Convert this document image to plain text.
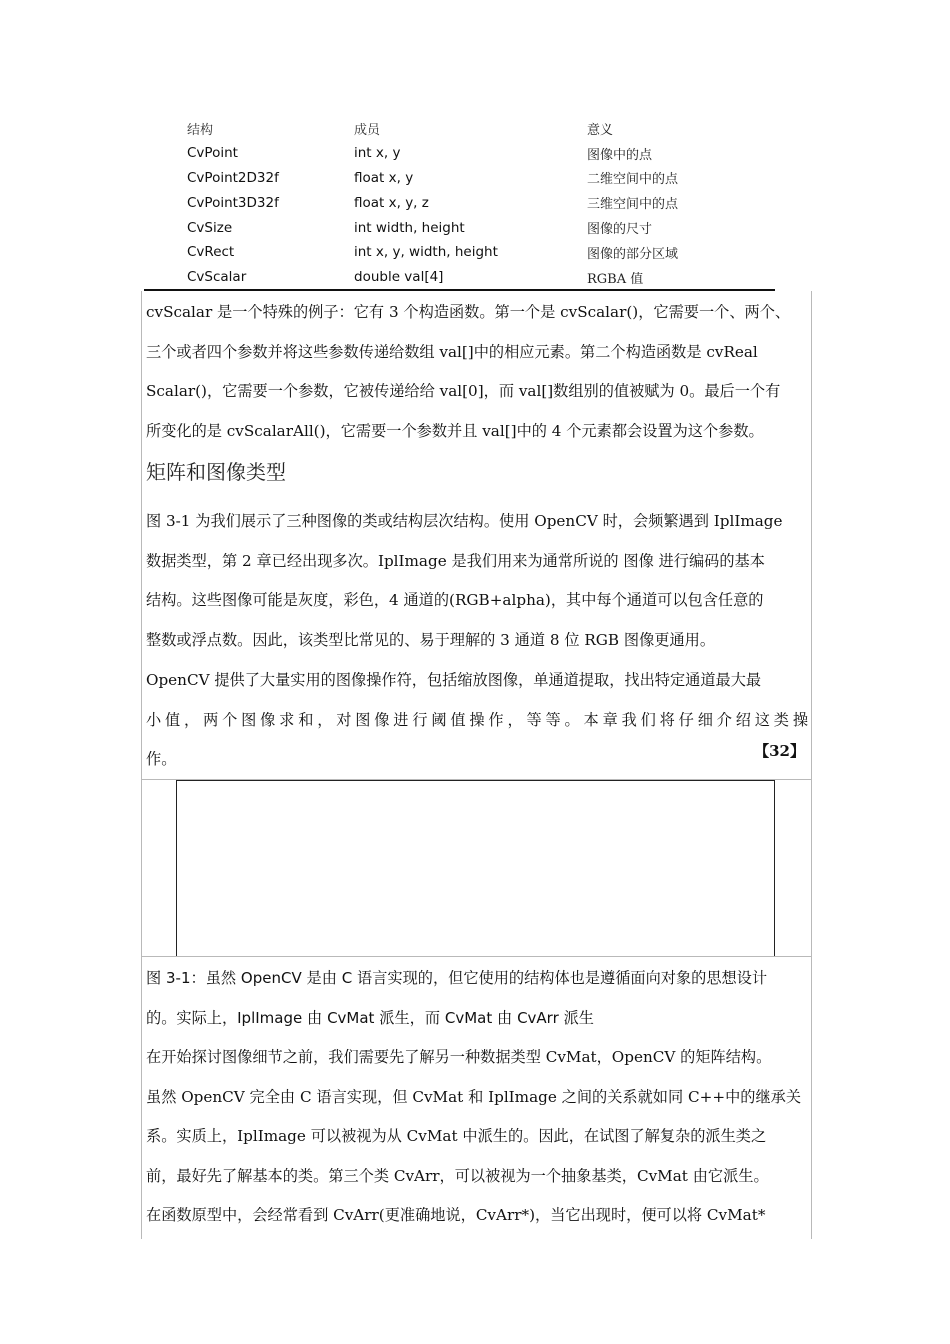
结构	成员	意义
CvPoint	int x, y	图像中的点
CvPoint2D32f	float x, y	二维空间中的点
CvPoint3D32f	float x, y, z	三维空间中的点
CvSize	int width, height	图像的尺寸
CvRect	int x, y, width, height	图像的部分区域
CvScalar	double val[4]	RGBA 值
cvScalar 是一个特殊的例子：它有 3 个构造函数。第一个是 cvScalar()，它需要一个、两个、
三个或者四个参数并将这些参数传递给数组 val[]中的相应元素。第二个构造函数是 cvReal
Scalar()，它需要一个参数，它被传递给给 val[0]，而 val[]数组别的值被赋为 0。最后一个有
所变化的是 cvScalarAll()，它需要一个参数并且 val[]中的 4 个元素都会设置为这个参数。
矩阵和图像类型
图 3-1 为我们展示了三种图像的类或结构层次结构。使用 OpenCV 时，会频繁遇到 IplImage
数据类型，第 2 章已经出现多次。IplImage 是我们用来为通常所说的 图像 进行编码的基本
结构。这些图像可能是灰度，彩色，4 通道的(RGB+alpha)，其中每个通道可以包含任意的
整数或浮点数。因此，该类型比常见的、易于理解的 3 通道 8 位 RGB 图像更通用。
OpenCV 提供了大量实用的图像操作符，包括缩放图像，单通道提取，找出特定通道最大最
小值，两个图像求和，对图像进行阈值操作，等等。本章我们将仔细介绍这类操
作。	【32】
图 3-1：虽然 OpenCV 是由 C 语言实现的，但它使用的结构体也是遵循面向对象的思想设计
的。实际上，IplImage 由 CvMat 派生，而 CvMat 由 CvArr 派生
在开始探讨图像细节之前，我们需要先了解另一种数据类型 CvMat，OpenCV 的矩阵结构。
虽然 OpenCV 完全由 C 语言实现，但 CvMat 和 IplImage 之间的关系就如同 C++中的继承关
系。实质上，IplImage 可以被视为从 CvMat 中派生的。因此，在试图了解复杂的派生类之
前，最好先了解基本的类。第三个类 CvArr，可以被视为一个抽象基类，CvMat 由它派生。
在函数原型中，会经常看到 CvArr(更准确地说，CvArr*)，当它出现时，便可以将 CvMat*
